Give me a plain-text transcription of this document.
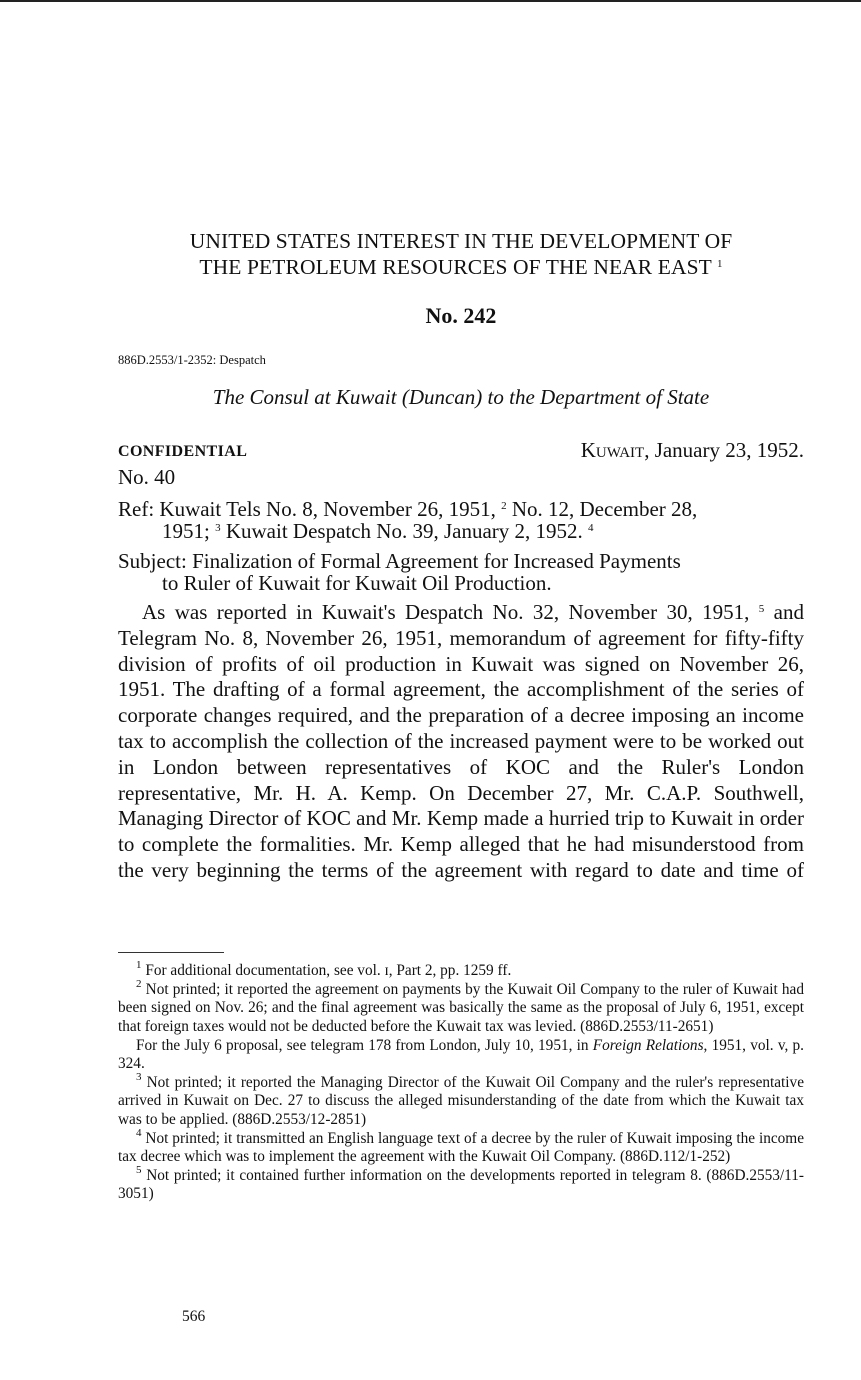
UNITED STATES INTEREST IN THE DEVELOPMENT OF
THE PETROLEUM RESOURCES OF THE NEAR EAST $^1$
No. 242
886D.2553/1-2352: Despatch
The Consul at Kuwait (Duncan) to the Department of State
CONFIDENTIAL	Kuwait, January 23, 1952.
No. 40
Ref: Kuwait Tels No. 8, November 26, 1951, $^2$ No. 12, December 28,
1951; $^3$ Kuwait Despatch No. 39, January 2, 1952. $^4$
Subject: Finalization of Formal Agreement for Increased Payments
to Ruler of Kuwait for Kuwait Oil Production.
As was reported in Kuwait's Despatch No. 32, November 30, 1951, $^5$ and Telegram No. 8, November 26, 1951, memorandum of agreement for fifty-fifty division of profits of oil production in Kuwait was signed on November 26, 1951. The drafting of a formal agreement, the accomplishment of the series of corporate changes required, and the preparation of a decree imposing an income tax to accomplish the collection of the increased payment were to be worked out in London between representatives of KOC and the Ruler's London representative, Mr. H. A. Kemp. On December 27, Mr. C.A.P. Southwell, Managing Director of KOC and Mr. Kemp made a hurried trip to Kuwait in order to complete the formalities. Mr. Kemp alleged that he had misunderstood from the very beginning the terms of the agreement with regard to date and time of

$^1$ For additional documentation, see vol. ɪ, Part 2, pp. 1259 ff.

$^2$ Not printed; it reported the agreement on payments by the Kuwait Oil Company to the ruler of Kuwait had been signed on Nov. 26; and the final agreement was basically the same as the proposal of July 6, 1951, except that foreign taxes would not be deducted before the Kuwait tax was levied. (886D.2553/11-2651)

For the July 6 proposal, see telegram 178 from London, July 10, 1951, in Foreign Relations, 1951, vol. v, p. 324.

$^3$ Not printed; it reported the Managing Director of the Kuwait Oil Company and the ruler's representative arrived in Kuwait on Dec. 27 to discuss the alleged misunderstanding of the date from which the Kuwait tax was to be applied. (886D.2553/12-2851)

$^4$ Not printed; it transmitted an English language text of a decree by the ruler of Kuwait imposing the income tax decree which was to implement the agreement with the Kuwait Oil Company. (886D.112/1-252)

$^5$ Not printed; it contained further information on the developments reported in telegram 8. (886D.2553/11-3051)

566
